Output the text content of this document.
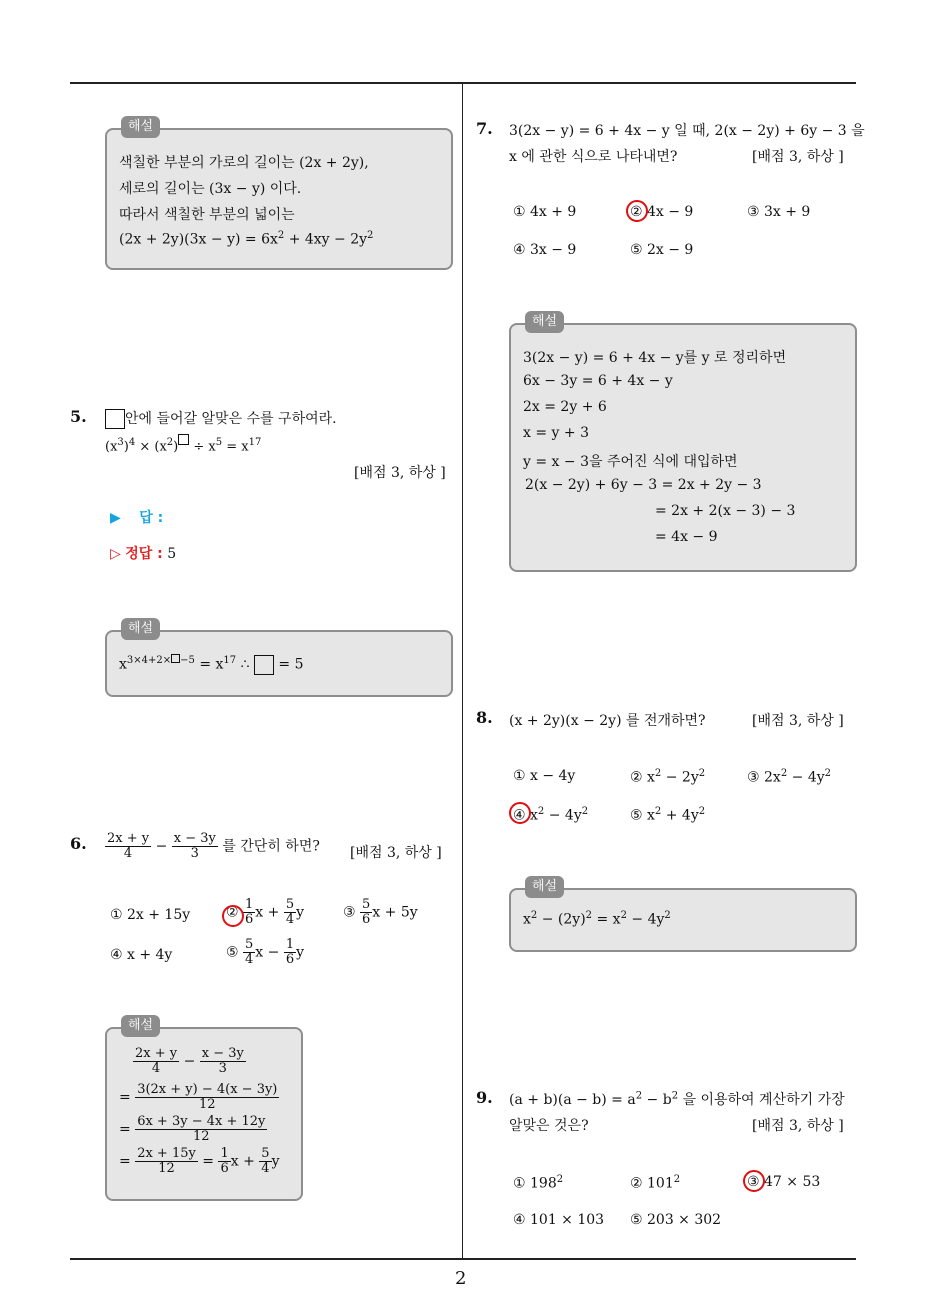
2
해설
색칠한 부분의 가로의 길이는 (2x + 2y),
세로의 길이는 (3x − y) 이다.
따라서 색칠한 부분의 넓이는
$(2x + 2y)(3x - y) = 6x^2 + 4xy - 2y^2$
5.	안에 들어갈 알맞은 수를 구하여라.
$(x^3)^4 \times (x^2) \div x^5 = x^{17}$
[배점 3, 하상 ]
▶ 답 :
▷ 정답 : 5
해설
$x^{3\times 4+2\times}$ $^{-5} = x^{17}$ ∴  = 5
6. $\frac{2x + y}{4} - \frac{x - 3y}{3}$ 를 간단히 하면? [배점 3, 하상 ]
① 2x + 15y	② $\frac{1}{6}$ $x + \frac{5}{4}$ y	③ $\frac{5}{6}$ x + 5y
④ x + 4y	⑤ $\frac{5}{4}$ $x - \frac{1}{6}$ y
해설
$\frac{2x + y}{4} - \frac{x - 3y}{3}$
= $\frac{3(2x + y) - 4(x - 3y)}{12}$
= $\frac{6x + 3y - 4x + 12y}{12}$
= $\frac{2x + 15y}{12} = \frac{1}{6}$ $x + \frac{5}{4}$ y
7. 3(2x − y) = 6 + 4x − y 일 때, 2(x − 2y) + 6y − 3 을
x 에 관한 식으로 나타내면?	[배점 3, 하상 ]
① 4x + 9	② 4x − 9	③ 3x + 9
④ 3x − 9	⑤ 2x − 9
해설
3(2x − y) = 6 + 4x − y를 y 로 정리하면
6x − 3y = 6 + 4x − y
2x = 2y + 6
x = y + 3
y = x − 3을 주어진 식에 대입하면
2(x − 2y) + 6y − 3 = 2x + 2y − 3
= 2x + 2(x − 3) − 3
= 4x − 9
8. (x + 2y)(x − 2y) 를 전개하면?	[배점 3, 하상 ]
① x − 4y	② $x^2 - 2y^2$	③ $2x^2 - 4y^2$
④ $x^2 - 4y^2$	⑤ $x^2 + 4y^2$
해설
$x^2 - (2y)^2 = x^2 - 4y^2$
9. $(a + b)(a - b) = a^2 - b^2$ 을 이용하여 계산하기 가장
알맞은 것은?	[배점 3, 하상 ]
① $198^2$	② $101^2$	③ 47 × 53
④ 101 × 103 ⑤ 203 × 302
